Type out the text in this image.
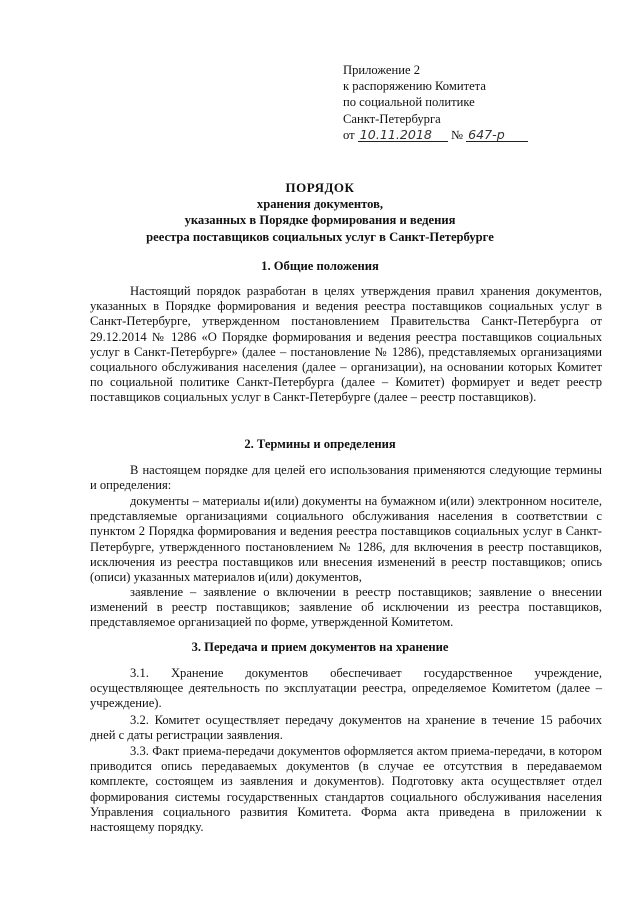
Приложение 2
к распоряжению Комитета
по социальной политике
Санкт-Петербурга
от 10.11.2018 № 647-р
ПОРЯДОК
хранения документов,
указанных в Порядке формирования и ведения
реестра поставщиков социальных услуг в Санкт-Петербурге
1. Общие положения
Настоящий порядок разработан в целях утверждения правил хранения документов, указанных в Порядке формирования и ведения реестра поставщиков социальных услуг в Санкт-Петербурге, утвержденном постановлением Правительства Санкт-Петербурга от 29.12.2014 № 1286 «О Порядке формирования и ведения реестра поставщиков социальных услуг в Санкт-Петербурге» (далее – постановление № 1286), представляемых организациями социального обслуживания населения (далее – организации), на основании которых Комитет по социальной политике Санкт-Петербурга (далее – Комитет) формирует и ведет реестр поставщиков социальных услуг в Санкт-Петербурге (далее – реестр поставщиков).
2. Термины и определения
В настоящем порядке для целей его использования применяются следующие термины и определения:
документы – материалы и(или) документы на бумажном и(или) электронном носителе, представляемые организациями социального обслуживания населения в соответствии с пунктом 2 Порядка формирования и ведения реестра поставщиков социальных услуг в Санкт-Петербурге, утвержденного постановлением № 1286, для включения в реестр поставщиков, исключения из реестра поставщиков или внесения изменений в реестр поставщиков; опись (описи) указанных материалов и(или) документов,
заявление – заявление о включении в реестр поставщиков; заявление о внесении изменений в реестр поставщиков; заявление об исключении из реестра поставщиков, представляемое организацией по форме, утвержденной Комитетом.
3. Передача и прием документов на хранение
3.1. Хранение документов обеспечивает государственное учреждение, осуществляющее деятельность по эксплуатации реестра, определяемое Комитетом (далее – учреждение).
3.2. Комитет осуществляет передачу документов на хранение в течение 15 рабочих дней с даты регистрации заявления.
3.3. Факт приема-передачи документов оформляется актом приема-передачи, в котором приводится опись передаваемых документов (в случае ее отсутствия в передаваемом комплекте, состоящем из заявления и документов). Подготовку акта осуществляет отдел формирования системы государственных стандартов социального обслуживания населения Управления социального развития Комитета. Форма акта приведена в приложении к настоящему порядку.
